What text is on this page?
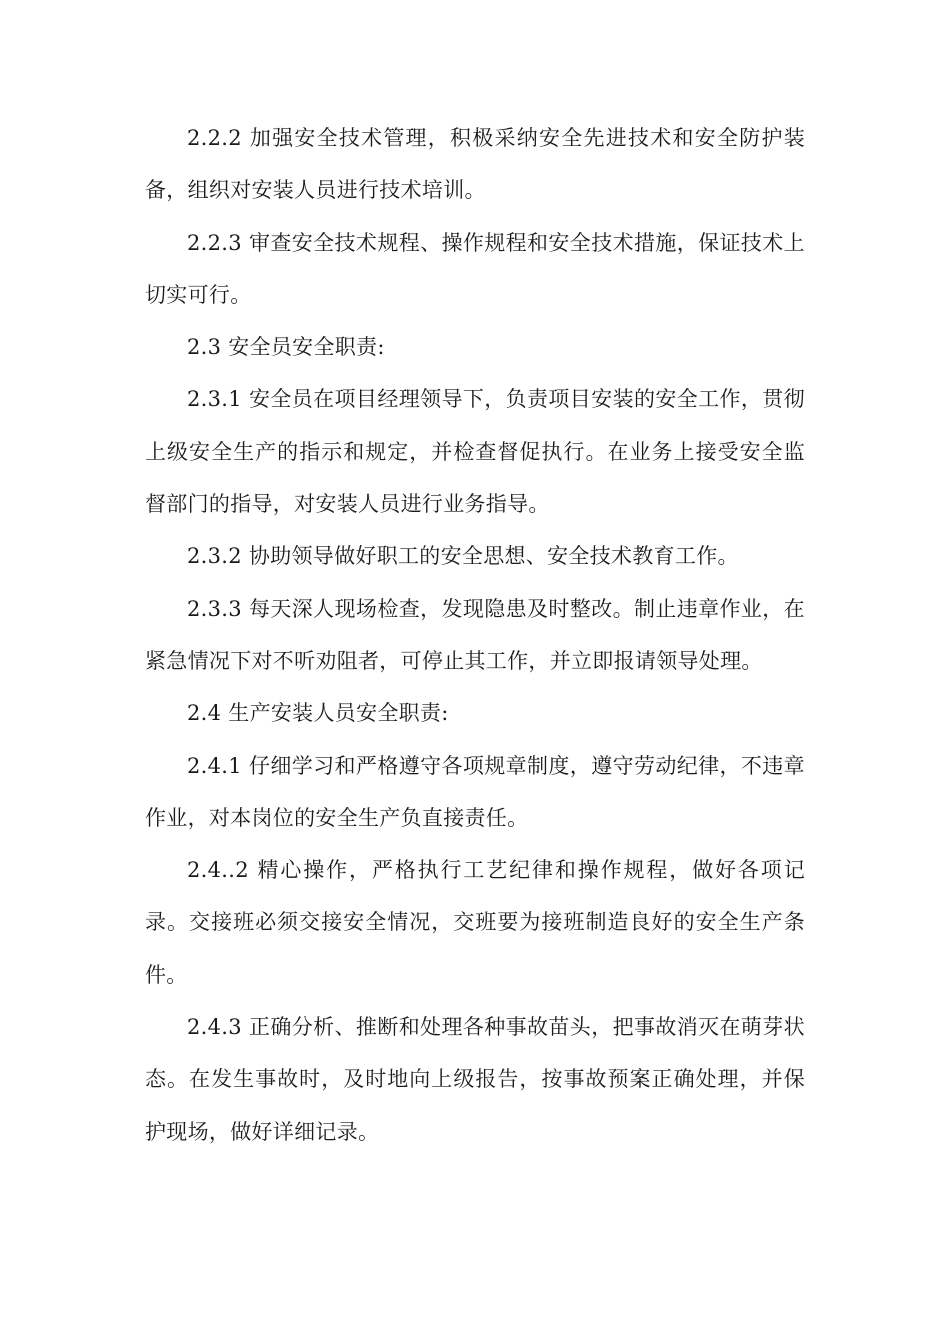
2.2.2 加强安全技术管理，积极采纳安全先进技术和安全防护装备，组织对安装人员进行技术培训。

2.2.3 审查安全技术规程、操作规程和安全技术措施，保证技术上切实可行。

2.3 安全员安全职责:

2.3.1 安全员在项目经理领导下，负责项目安装的安全工作，贯彻上级安全生产的指示和规定，并检查督促执行。在业务上接受安全监督部门的指导，对安装人员进行业务指导。

2.3.2 协助领导做好职工的安全思想、安全技术教育工作。

2.3.3 每天深人现场检查，发现隐患及时整改。制止违章作业，在紧急情况下对不听劝阻者，可停止其工作，并立即报请领导处理。

2.4 生产安装人员安全职责:

2.4.1 仔细学习和严格遵守各项规章制度，遵守劳动纪律，不违章作业，对本岗位的安全生产负直接责任。

2.4..2 精心操作，严格执行工艺纪律和操作规程，做好各项记录。交接班必须交接安全情况，交班要为接班制造良好的安全生产条件。

2.4.3 正确分析、推断和处理各种事故苗头，把事故消灭在萌芽状态。在发生事故时，及时地向上级报告，按事故预案正确处理，并保护现场，做好详细记录。
